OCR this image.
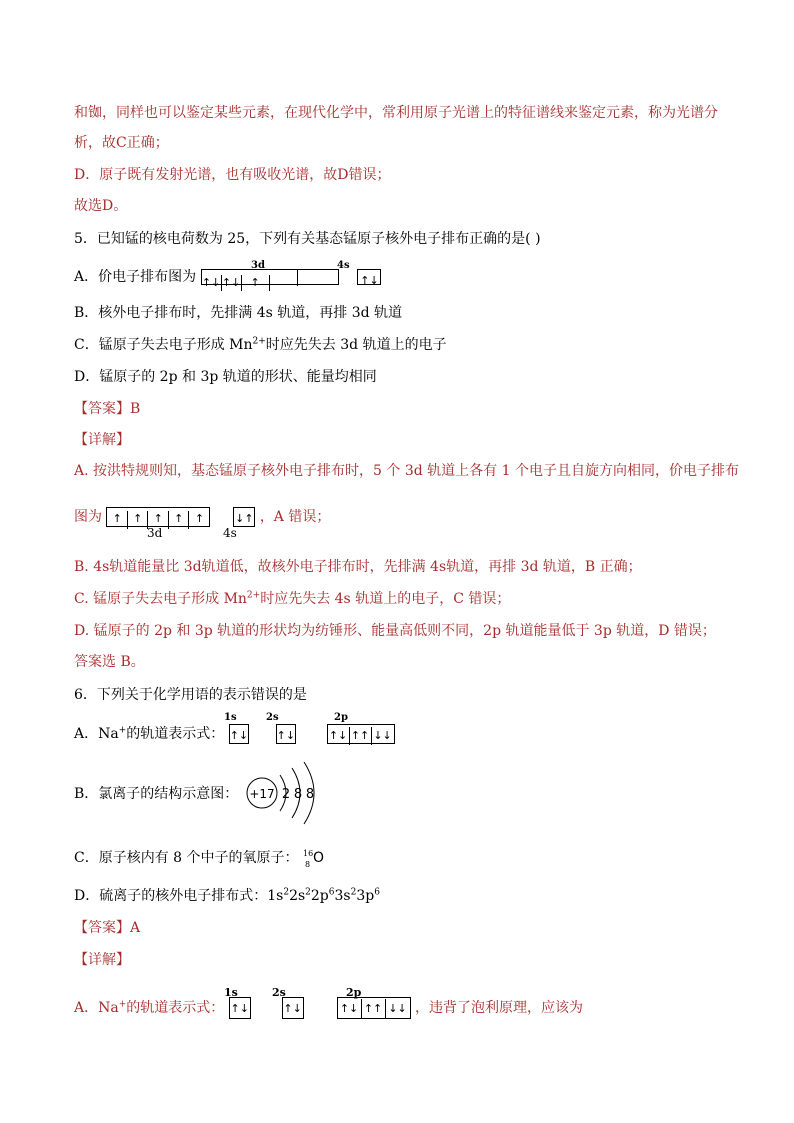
和铷，同样也可以鉴定某些元素，在现代化学中，常利用原子光谱上的特征谱线来鉴定元素，称为光谱分
析，故C正确；
D．原子既有发射光谱，也有吸收光谱，故D错误；
故选D。
5．已知锰的核电荷数为 25，下列有关基态锰原子核外电子排布正确的是( )
A．价电子排布图为 ↑↓ ↑↓ ↑	↑↓
3d	4s
B．核外电子排布时，先排满 4s 轨道，再排 3d 轨道
C．锰原子失去电子形成 $Mn^{2+}$时应先失去 3d 轨道上的电子
D．锰原子的 2p 和 3p 轨道的形状、能量均相同
【答案】B
【详解】
A. 按洪特规则知，基态锰原子核外电子排布时，5 个 3d 轨道上各有 1 个电子且自旋方向相同，价电子排布
图为 ↑ ↑ ↑ ↑ ↑	↓↑ ，A 错误；
3d	4s
B. 4s轨道能量比 3d轨道低，故核外电子排布时，先排满 4s轨道，再排 3d 轨道，B 正确；
C. 锰原子失去电子形成 $Mn^{2+}$时应先失去 4s 轨道上的电子，C 错误；
D. 锰原子的 2p 和 3p 轨道的形状均为纺锤形、能量高低则不同，2p 轨道能量低于 3p 轨道，D 错误；
答案选 B。
6．下列关于化学用语的表示错误的是
A．Na+的轨道表示式： ↑↓	↑↓	↑↓ ↑↑ ↓↓
1s	2s	2p
B．氯离子的结构示意图： +17 2 8 8
C．原子核内有 8 个中子的氧原子： 16
8 O
D．硫离子的核外电子排布式：$1s^22s^22p^63s^23p^6$
【答案】A
【详解】
A．Na+的轨道表示式： ↑↓	↑↓	↑↓ ↑↑ ↓↓ ，违背了泡利原理，应该为
1s	2s	2p
